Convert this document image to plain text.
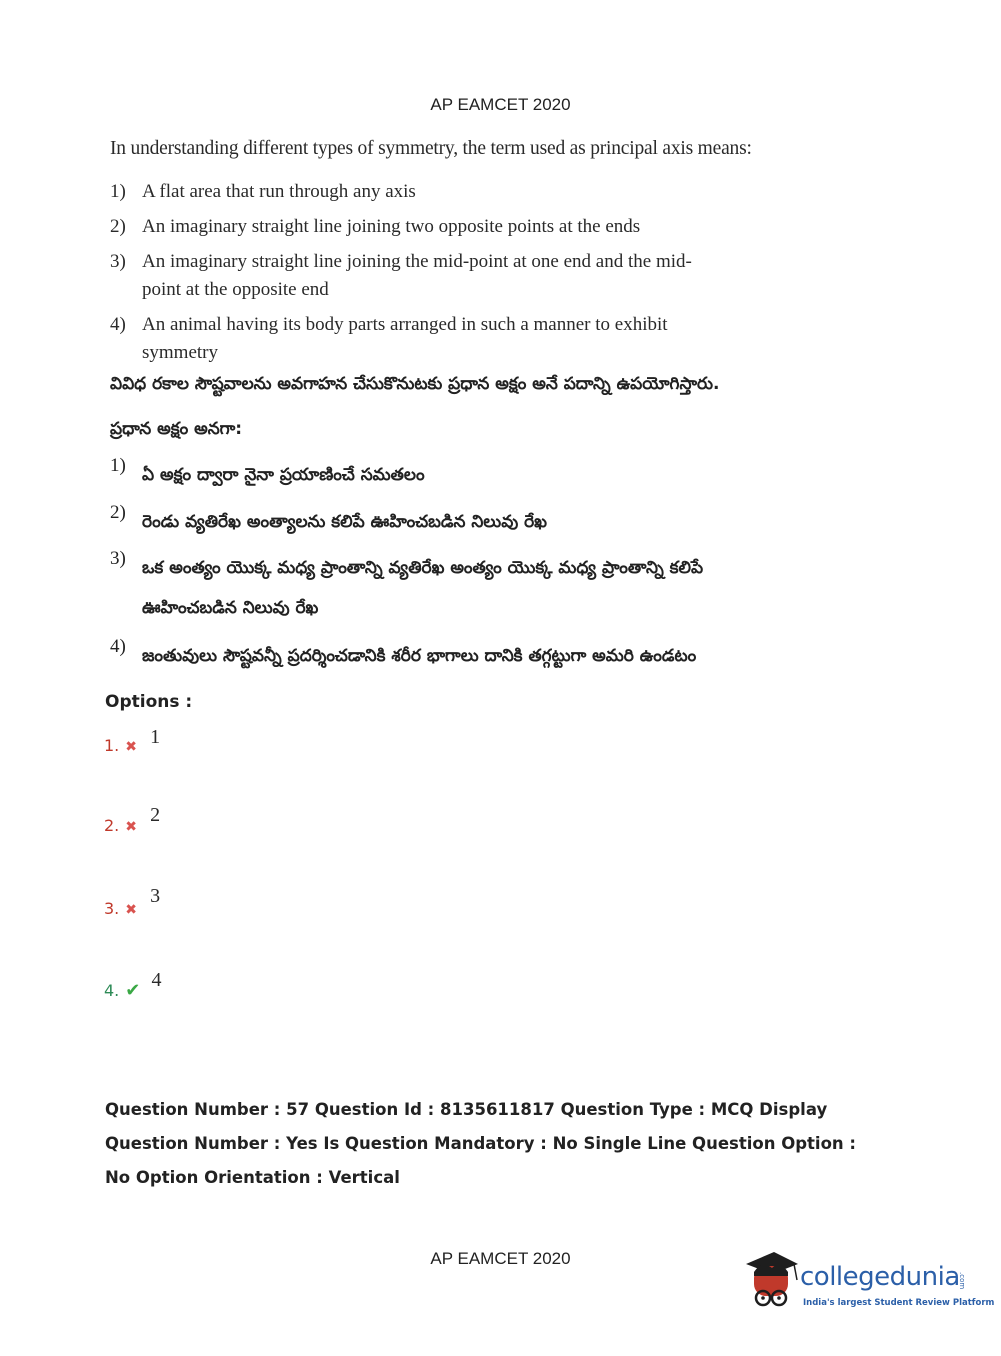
AP EAMCET 2020
In understanding different types of symmetry, the term used as principal axis means:
1) A flat area that run through any axis
2) An imaginary straight line joining two opposite points at the ends
3) An imaginary straight line joining the mid-point at one end and the mid-point at the opposite end
4) An animal having its body parts arranged in such a manner to exhibit symmetry
వివిధ రకాల సౌష్టవాలను అవగాహన చేసుకొనుటకు ప్రధాన అక్షం అనే పదాన్ని ఉపయోగిస్తారు.
ప్రధాన అక్షం అనగా:
1) ఏ అక్షం ద్వారా నైనా ప్రయాణించే సమతలం
2) రెండు వ్యతిరేఖ అంత్యాలను కలిపే ఊహించబడిన నిలువు రేఖ
3) ఒక అంత్యం యొక్క మధ్య ప్రాంతాన్ని వ్యతిరేఖ అంత్యం యొక్క మధ్య ప్రాంతాన్ని కలిపే ఊహించబడిన నిలువు రేఖ
4) జంతువులు సౌష్టవన్నీ ప్రదర్శించడానికి శరీర భాగాలు దానికి తగ్గట్టుగా అమరి ఉండటం
Options :
1. ✖ 1
2. ✖ 2
3. ✖ 3
4. ✔ 4
Question Number : 57 Question Id : 8135611817 Question Type : MCQ Display Question Number : Yes Is Question Mandatory : No Single Line Question Option : No Option Orientation : Vertical
AP EAMCET 2020
collegedunia
.com
India's largest Student Review Platform
